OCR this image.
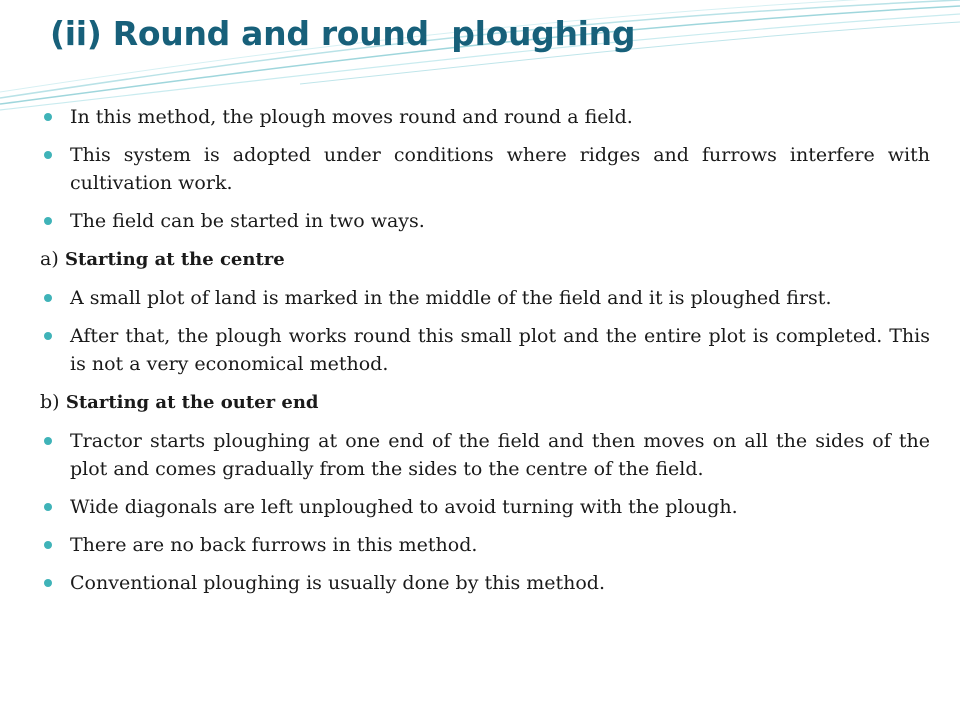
(ii) Round and round  ploughing
In this method, the plough moves round and round a field.
This system is adopted under conditions where ridges and furrows interfere with cultivation work.
The field can be started in two ways.
a) Starting at the centre
A small plot of land is marked in the middle of the field and it is ploughed first.
After that, the plough works round this small plot and the entire plot is completed. This is not a very economical method.
b) Starting at the outer end
Tractor starts ploughing at one end of the field and then moves on all the sides of the plot and comes gradually from the sides to the centre of the field.
Wide diagonals are left unploughed to avoid turning with the plough.
There are no back furrows in this method.
Conventional ploughing is usually done by this method.
